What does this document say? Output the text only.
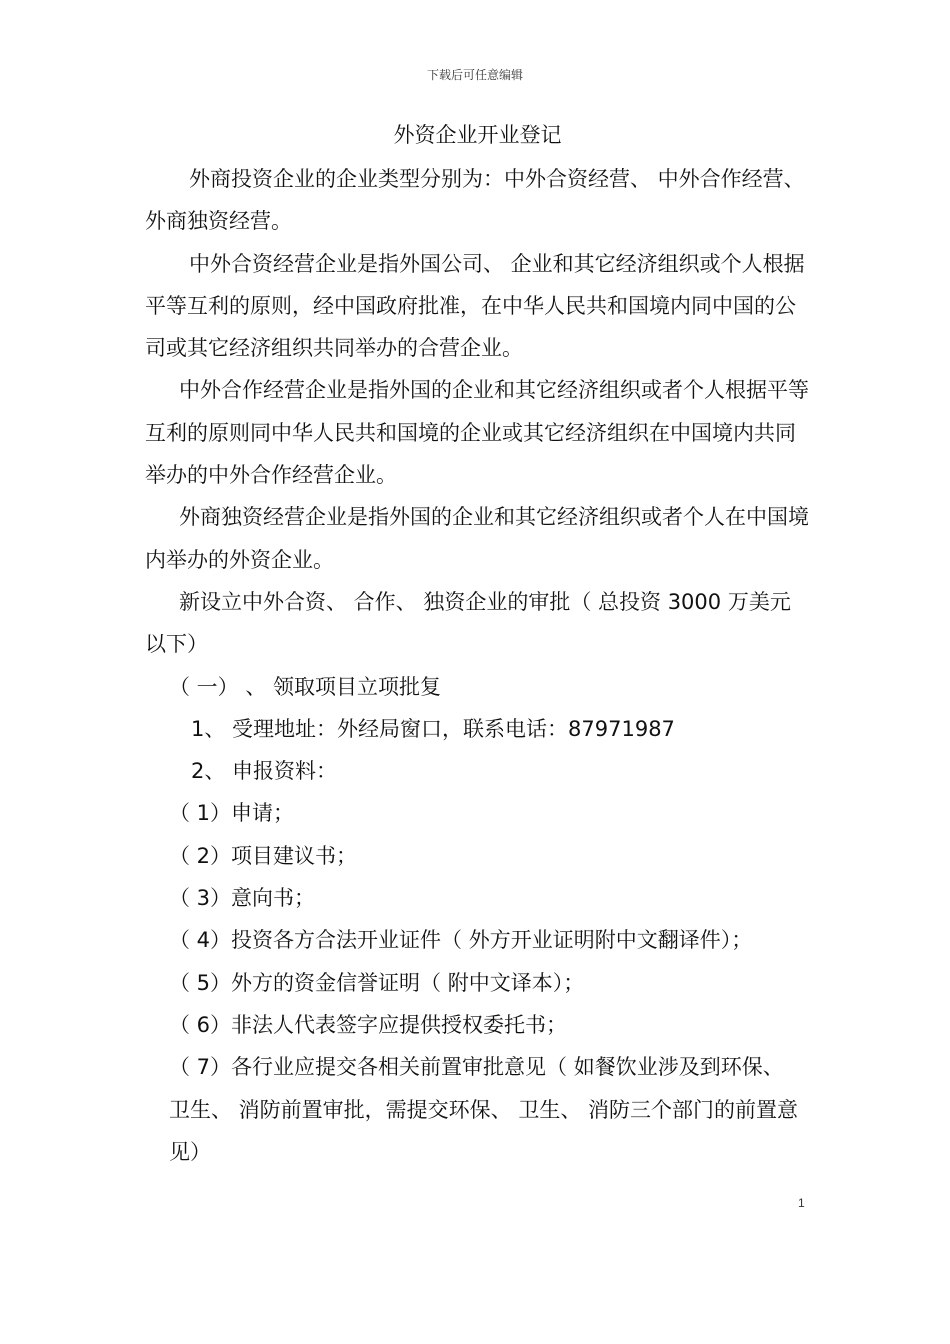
下载后可任意编辑
外资企业开业登记

外商投资企业的企业类型分别为：中外合资经营、 中外合作经营、 外商独资经营。

中外合资经营企业是指外国公司、 企业和其它经济组织或个人根据平等互利的原则，经中国政府批准，在中华人民共和国境内同中国的公司或其它经济组织共同举办的合营企业。

中外合作经营企业是指外国的企业和其它经济组织或者个人根据平等互利的原则同中华人民共和国境的企业或其它经济组织在中国境内共同举办的中外合作经营企业。

外商独资经营企业是指外国的企业和其它经济组织或者个人在中国境内举办的外资企业。

新设立中外合资、 合作、 独资企业的审批（ 总投资 3000 万美元以下）

（ 一） 、 领取项目立项批复

1、 受理地址：外经局窗口，联系电话：87971987

2、 申报资料：

（ 1）申请；

（ 2）项目建议书；

（ 3）意向书；

（ 4）投资各方合法开业证件（ 外方开业证明附中文翻译件）；

（ 5）外方的资金信誉证明（ 附中文译本）；

（ 6）非法人代表签字应提供授权委托书；

（ 7）各行业应提交各相关前置审批意见（ 如餐饮业涉及到环保、 卫生、 消防前置审批，需提交环保、 卫生、 消防三个部门的前置意见）

1
